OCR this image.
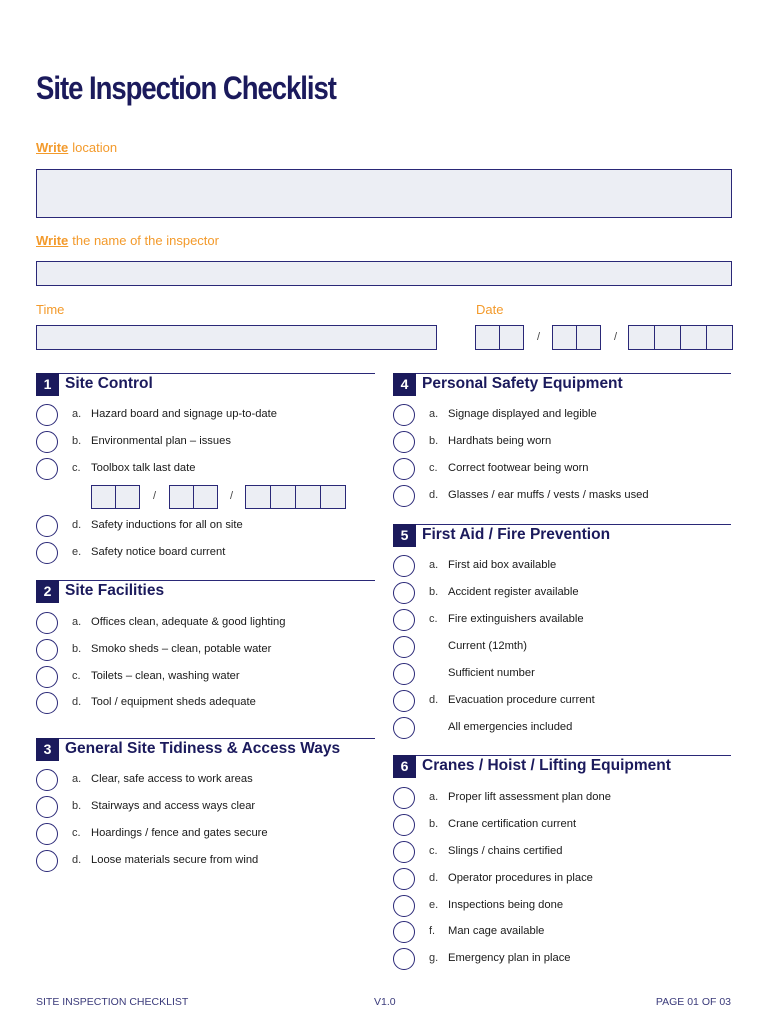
Site Inspection Checklist
Write location
Write the name of the inspector
Time	Date
/	/
1 Site Control
a. Hazard board and signage up-to-date
b. Environmental plan – issues
c. Toolbox talk last date
/	/
d. Safety inductions for all on site
e. Safety notice board current
2 Site Facilities
a. Offices clean, adequate & good lighting
b. Smoko sheds – clean, potable water
c. Toilets – clean, washing water
d. Tool / equipment sheds adequate
3 General Site Tidiness & Access Ways
a. Clear, safe access to work areas
b. Stairways and access ways clear
c. Hoardings / fence and gates secure
d. Loose materials secure from wind
4 Personal Safety Equipment
a. Signage displayed and legible
b. Hardhats being worn
c. Correct footwear being worn
d. Glasses / ear muffs / vests / masks used
5 First Aid / Fire Prevention
a. First aid box available
b. Accident register available
c. Fire extinguishers available
Current (12mth)
Sufficient number
d. Evacuation procedure current
All emergencies included
6 Cranes / Hoist / Lifting Equipment
a. Proper lift assessment plan done
b. Crane certification current
c. Slings / chains certified
d. Operator procedures in place
e. Inspections being done
f. Man cage available
g. Emergency plan in place
SITE INSPECTION CHECKLIST	V1.0	PAGE 01 OF 03
